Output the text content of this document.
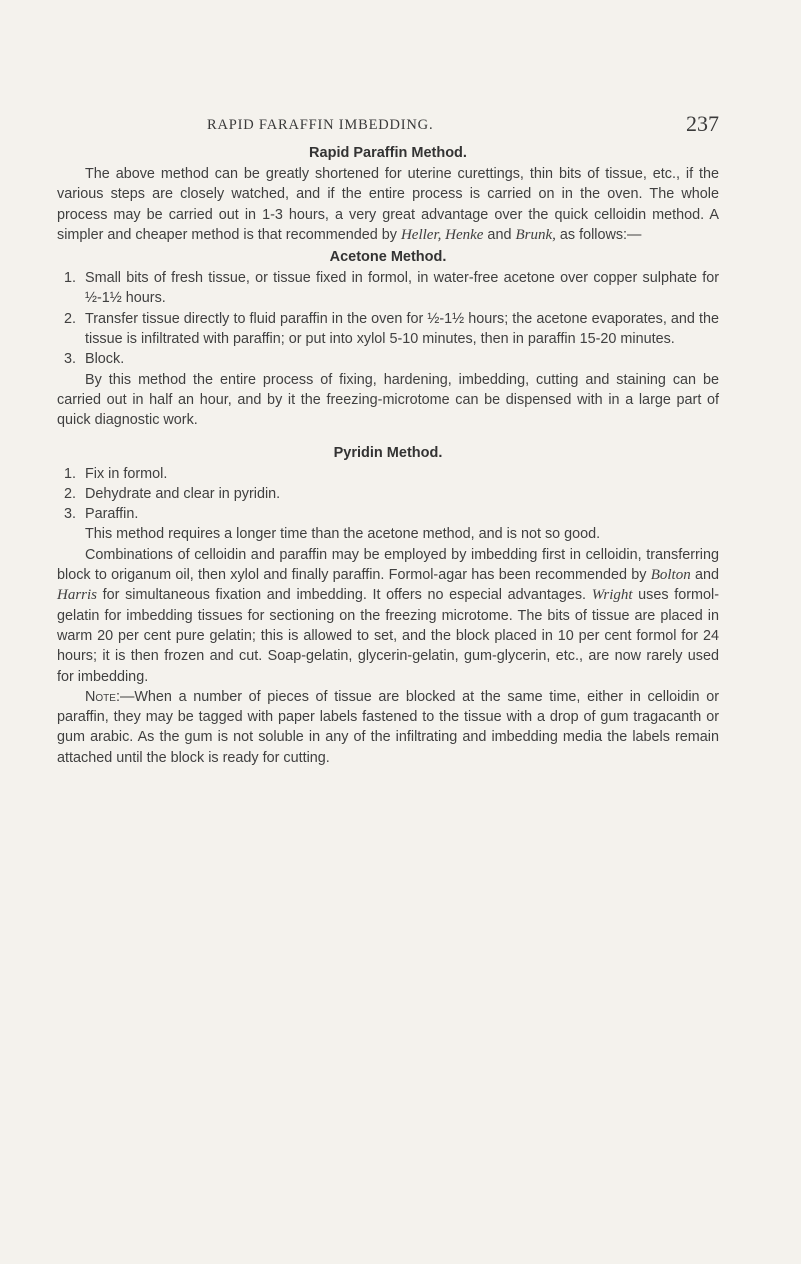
RAPID FARAFFIN IMBEDDING.	237
Rapid Paraffin Method.

The above method can be greatly shortened for uterine curettings, thin bits of tissue, etc., if the various steps are closely watched, and if the entire process is carried on in the oven. The whole process may be carried out in 1-3 hours, a very great advantage over the quick celloidin method. A simpler and cheaper method is that recommended by Heller, Henke and Brunk, as follows:—

Acetone Method.
1. Small bits of fresh tissue, or tissue fixed in formol, in water-free acetone over copper sulphate for ½-1½ hours.
2. Transfer tissue directly to fluid paraffin in the oven for ½-1½ hours; the acetone evaporates, and the tissue is infiltrated with paraffin; or put into xylol 5-10 minutes, then in paraffin 15-20 minutes.
3. Block.

By this method the entire process of fixing, hardening, imbedding, cutting and staining can be carried out in half an hour, and by it the freezing-microtome can be dispensed with in a large part of quick diagnostic work.

Pyridin Method.
1. Fix in formol.
2. Dehydrate and clear in pyridin.
3. Paraffin.

This method requires a longer time than the acetone method, and is not so good.

Combinations of celloidin and paraffin may be employed by imbedding first in celloidin, transferring block to origanum oil, then xylol and finally paraffin. Formol-agar has been recommended by Bolton and Harris for simultaneous fixation and imbedding. It offers no especial advantages. Wright uses formol-gelatin for imbedding tissues for sectioning on the freezing microtome. The bits of tissue are placed in warm 20 per cent pure gelatin; this is allowed to set, and the block placed in 10 per cent formol for 24 hours; it is then frozen and cut. Soap-gelatin, glycerin-gelatin, gum-glycerin, etc., are now rarely used for imbedding.

Note:—When a number of pieces of tissue are blocked at the same time, either in celloidin or paraffin, they may be tagged with paper labels fastened to the tissue with a drop of gum tragacanth or gum arabic. As the gum is not soluble in any of the infiltrating and imbedding media the labels remain attached until the block is ready for cutting.
